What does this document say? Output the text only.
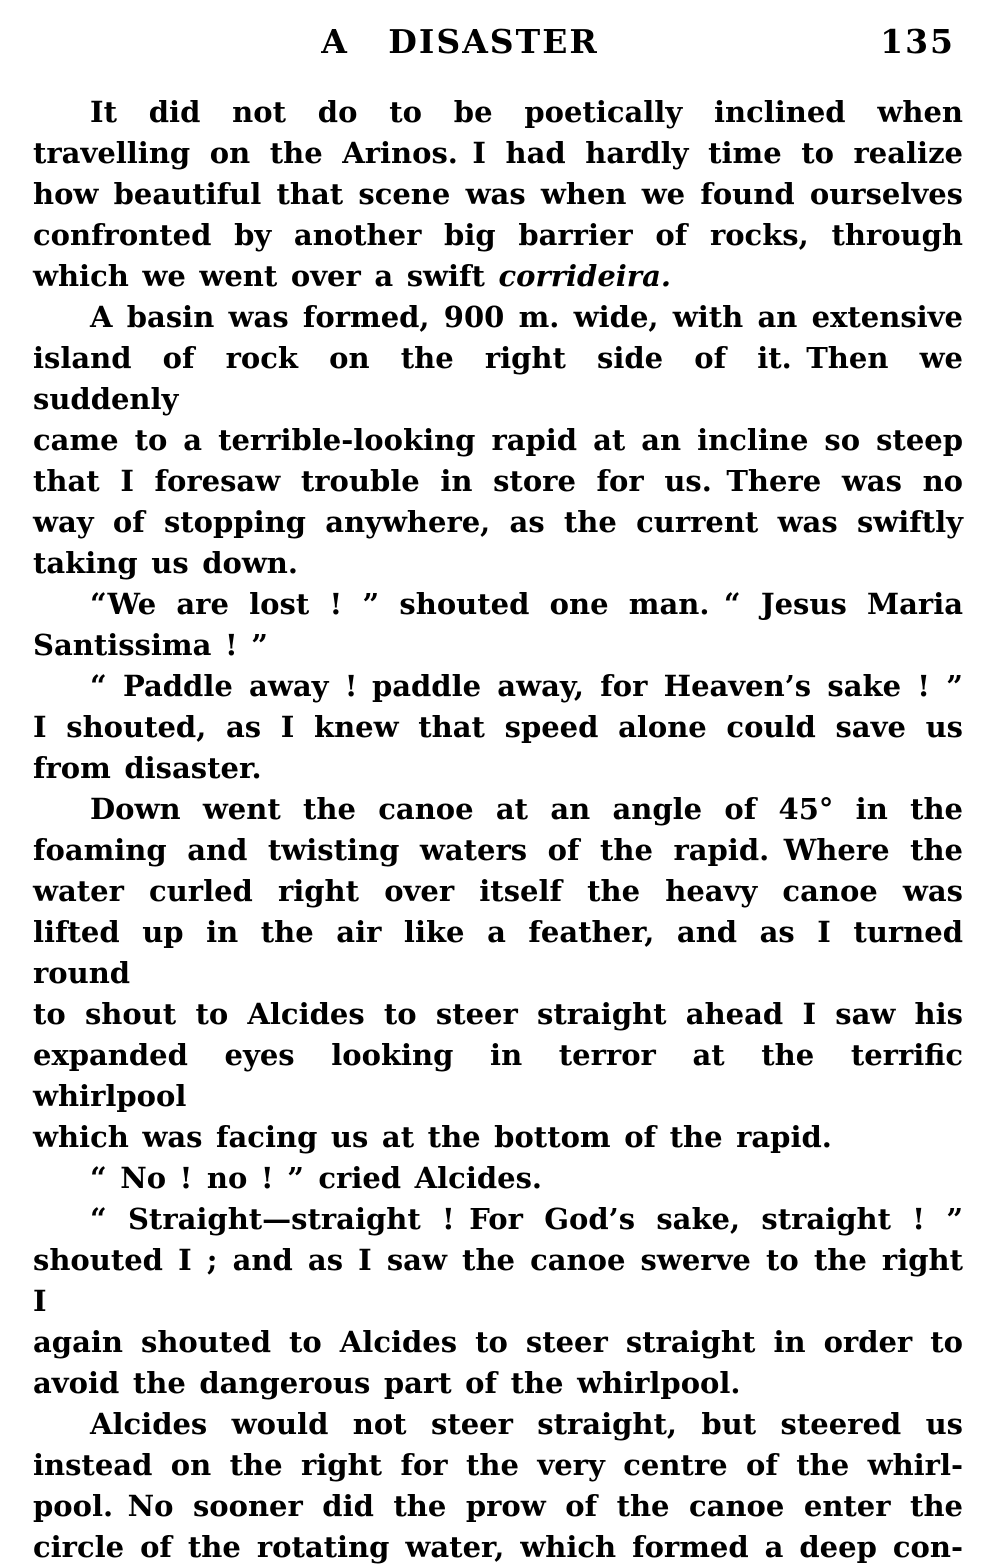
A DISASTER	135
It did not do to be poetically inclined when
travelling on the Arinos. I had hardly time to realize
how beautiful that scene was when we found ourselves
confronted by another big barrier of rocks, through
which we went over a swift corrideira.
A basin was formed, 900 m. wide, with an extensive
island of rock on the right side of it. Then we suddenly
came to a terrible-looking rapid at an incline so steep
that I foresaw trouble in store for us. There was no
way of stopping anywhere, as the current was swiftly
taking us down.
“We are lost ! ” shouted one man. “ Jesus Maria
Santissima ! ”
“ Paddle away ! paddle away, for Heaven’s sake ! ”
I shouted, as I knew that speed alone could save us
from disaster.
Down went the canoe at an angle of 45° in the
foaming and twisting waters of the rapid. Where the
water curled right over itself the heavy canoe was
lifted up in the air like a feather, and as I turned round
to shout to Alcides to steer straight ahead I saw his
expanded eyes looking in terror at the terrific whirlpool
which was facing us at the bottom of the rapid.
“ No ! no ! ” cried Alcides.
“ Straight—straight ! For God’s sake, straight ! ”
shouted I ; and as I saw the canoe swerve to the right I
again shouted to Alcides to steer straight in order to
avoid the dangerous part of the whirlpool.
Alcides would not steer straight, but steered us
instead on the right for the very centre of the whirl-
pool. No sooner did the prow of the canoe enter the
circle of the rotating water, which formed a deep con-
